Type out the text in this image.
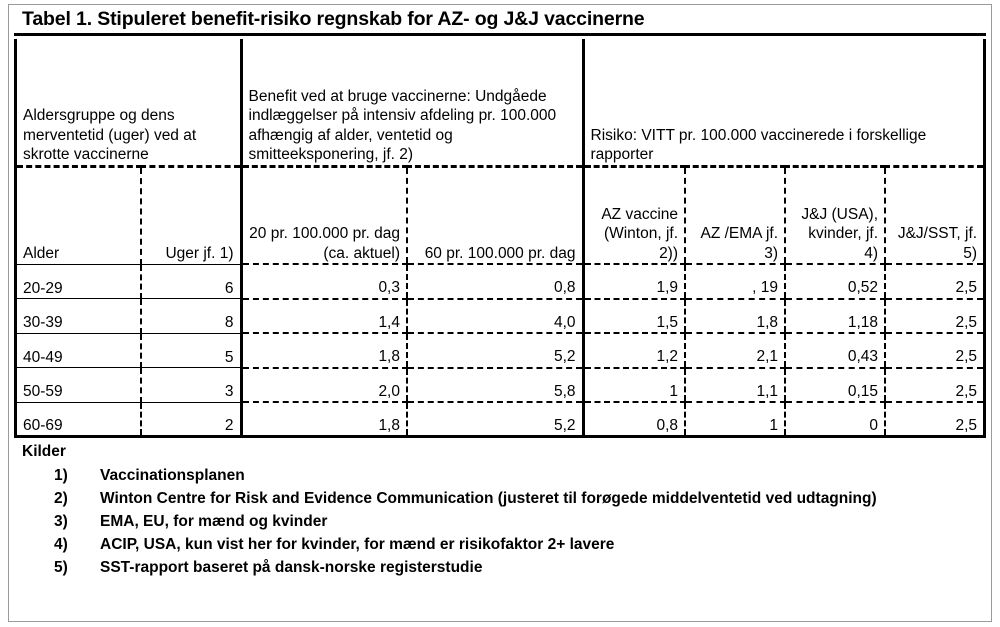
Tabel 1. Stipuleret benefit-risiko regnskab for AZ- og J&J vaccinerne
Aldersgruppe og dens merventetid (uger) ved at skrotte vaccinerne		Benefit ved at bruge vaccinerne: Undgåede indlæggelser på intensiv afdeling pr. 100.000 afhængig af alder, ventetid og smitteeksponering, jf. 2)		Risiko: VITT pr. 100.000 vaccinerede i forskellige rapporter			
Alder	Uger jf. 1)	20 pr. 100.000 pr. dag (ca. aktuel)	60 pr. 100.000 pr. dag	AZ vaccine (Winton, jf. 2))	AZ /EMA jf. 3)	J&J (USA), kvinder, jf. 4)	J&J/SST, jf. 5)
20-29	6	0,3	0,8	1,9	, 19	0,52	2,5
30-39	8	1,4	4,0	1,5	1,8	1,18	2,5
40-49	5	1,8	5,2	1,2	2,1	0,43	2,5
50-59	3	2,0	5,8	1	1,1	0,15	2,5
60-69	2	1,8	5,2	0,8	1	0	2,5
Kilder
1)	Vaccinationsplanen
2)	Winton Centre for Risk and Evidence Communication (justeret til forøgede middelventetid ved udtagning)
3)	EMA, EU, for mænd og kvinder
4)	ACIP, USA, kun vist her for kvinder, for mænd er risikofaktor 2+ lavere
5)	SST-rapport baseret på dansk-norske registerstudie
